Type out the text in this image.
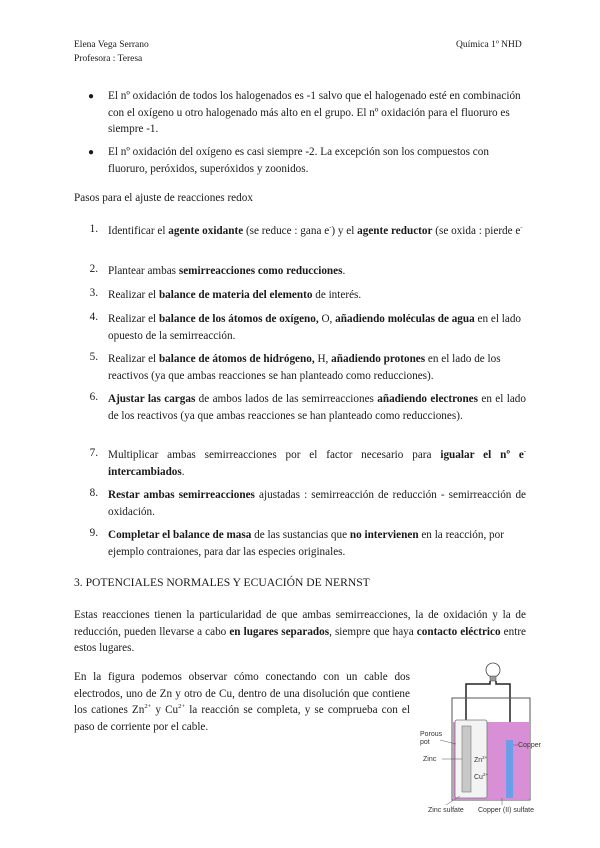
Elena Vega Serrano
Profesora : Teresa
Química 1º NHD
● El nº oxidación de todos los halogenados es -1 salvo que el halogenado esté en combinación con el oxígeno u otro halogenado más alto en el grupo. El nº oxidación para el fluoruro es siempre -1.
● El nº oxidación del oxígeno es casi siempre -2. La excepción son los compuestos con fluoruro, peróxidos, superóxidos y zoonidos.
Pasos para el ajuste de reacciones redox
1. Identificar el agente oxidante (se reduce : gana e-) y el agente reductor (se oxida : pierde e-
2. Plantear ambas semirreacciones como reducciones.
3. Realizar el balance de materia del elemento de interés.
4. Realizar el balance de los átomos de oxígeno, O, añadiendo moléculas de agua en el lado opuesto de la semirreacción.
5. Realizar el balance de átomos de hidrógeno, H, añadiendo protones en el lado de los reactivos (ya que ambas reacciones se han planteado como reducciones).
6. Ajustar las cargas de ambos lados de las semirreacciones añadiendo electrones en el lado de los reactivos (ya que ambas reacciones se han planteado como reducciones).
7. Multiplicar ambas semirreacciones por el factor necesario para igualar el nº e- intercambiados.
8. Restar ambas semirreacciones ajustadas : semirreacción de reducción - semirreacción de oxidación.
9. Completar el balance de masa de las sustancias que no intervienen en la reacción, por ejemplo contraiones, para dar las especies originales.
3. POTENCIALES NORMALES Y ECUACIÓN DE NERNST
Estas reacciones tienen la particularidad de que ambas semirreacciones, la de oxidación y la de reducción, pueden llevarse a cabo en lugares separados, siempre que haya contacto eléctrico entre estos lugares.
En la figura podemos observar cómo conectando con un cable dos electrodos, uno de Zn y otro de Cu, dentro de una disolución que contiene los cationes $Zn^{2+}$ y $Cu^{2+}$ la reacción se completa, y se comprueba con el paso de corriente por el cable.
$Zn^{2+}$
$Cu^{2+}$
Porous pot
Zinc
Copper
Zinc sulfate Copper (II) sulfate
